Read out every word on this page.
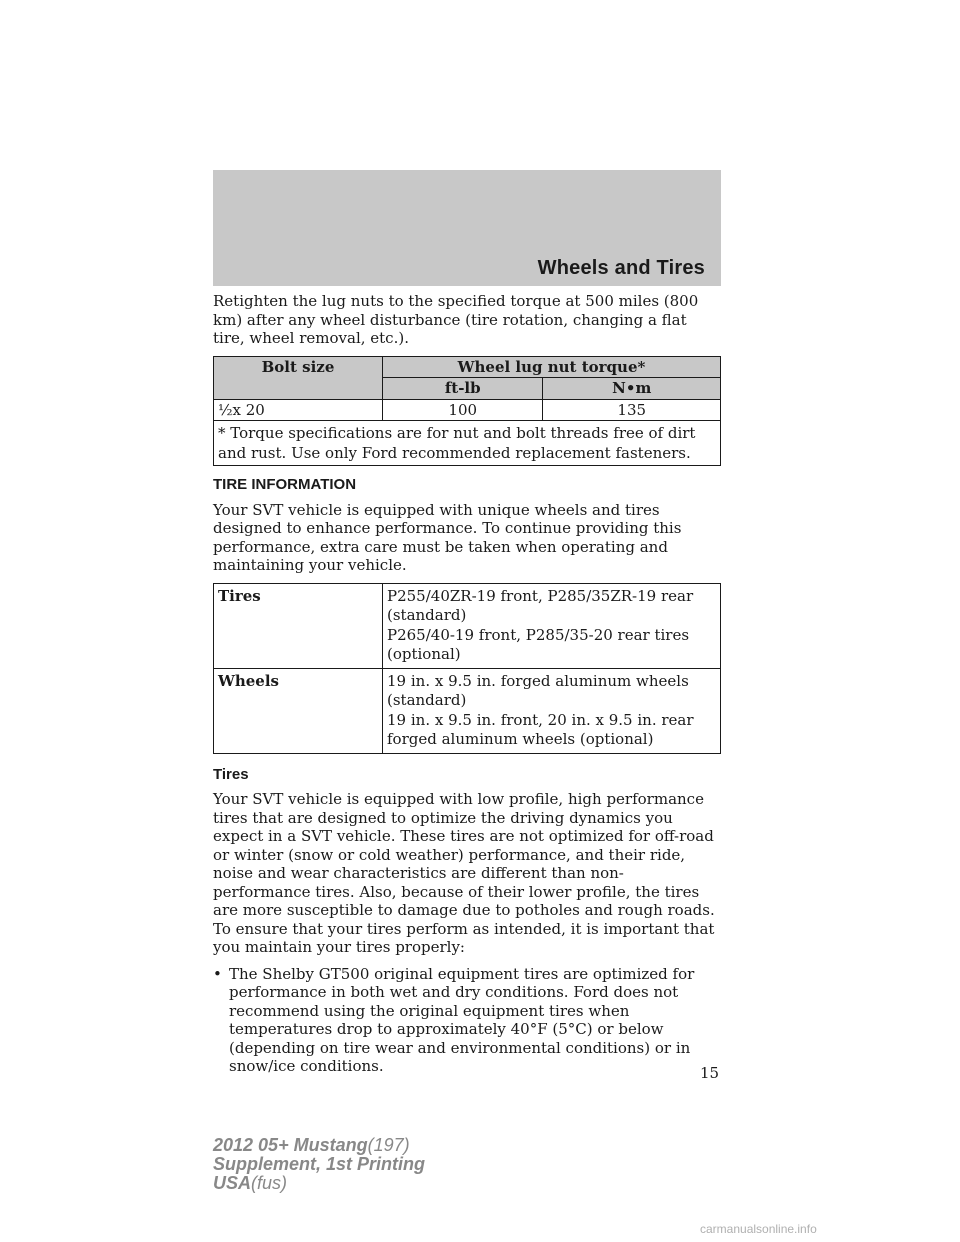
Wheels and Tires

Retighten the lug nuts to the specified torque at 500 miles (800 km) after any wheel disturbance (tire rotation, changing a flat tire, wheel removal, etc.).

Bolt size	Wheel lug nut torque*	
	ft-lb	N•m
½x 20	100	135
* Torque specifications are for nut and bolt threads free of dirt and rust. Use only Ford recommended replacement fasteners.		
TIRE INFORMATION

Your SVT vehicle is equipped with unique wheels and tires designed to enhance performance. To continue providing this performance, extra care must be taken when operating and maintaining your vehicle.

Tires	P255/40ZR-19 front, P285/35ZR-19 rear (standard)
P265/40-19 front, P285/35-20 rear tires (optional)

Wheels	19 in. x 9.5 in. forged aluminum wheels (standard)
19 in. x 9.5 in. front, 20 in. x 9.5 in. rear forged aluminum wheels (optional)
Tires

Your SVT vehicle is equipped with low profile, high performance tires that are designed to optimize the driving dynamics you expect in a SVT vehicle. These tires are not optimized for off-road or winter (snow or cold weather) performance, and their ride, noise and wear characteristics are different than non-performance tires. Also, because of their lower profile, the tires are more susceptible to damage due to potholes and rough roads. To ensure that your tires perform as intended, it is important that you maintain your tires properly:

• The Shelby GT500 original equipment tires are optimized for performance in both wet and dry conditions. Ford does not recommend using the original equipment tires when temperatures drop to approximately 40°F (5°C) or below (depending on tire wear and environmental conditions) or in snow/ice conditions.	15
2012 05+ Mustang(197)
Supplement, 1st Printing
USA(fus)
carmanualsonline.info
